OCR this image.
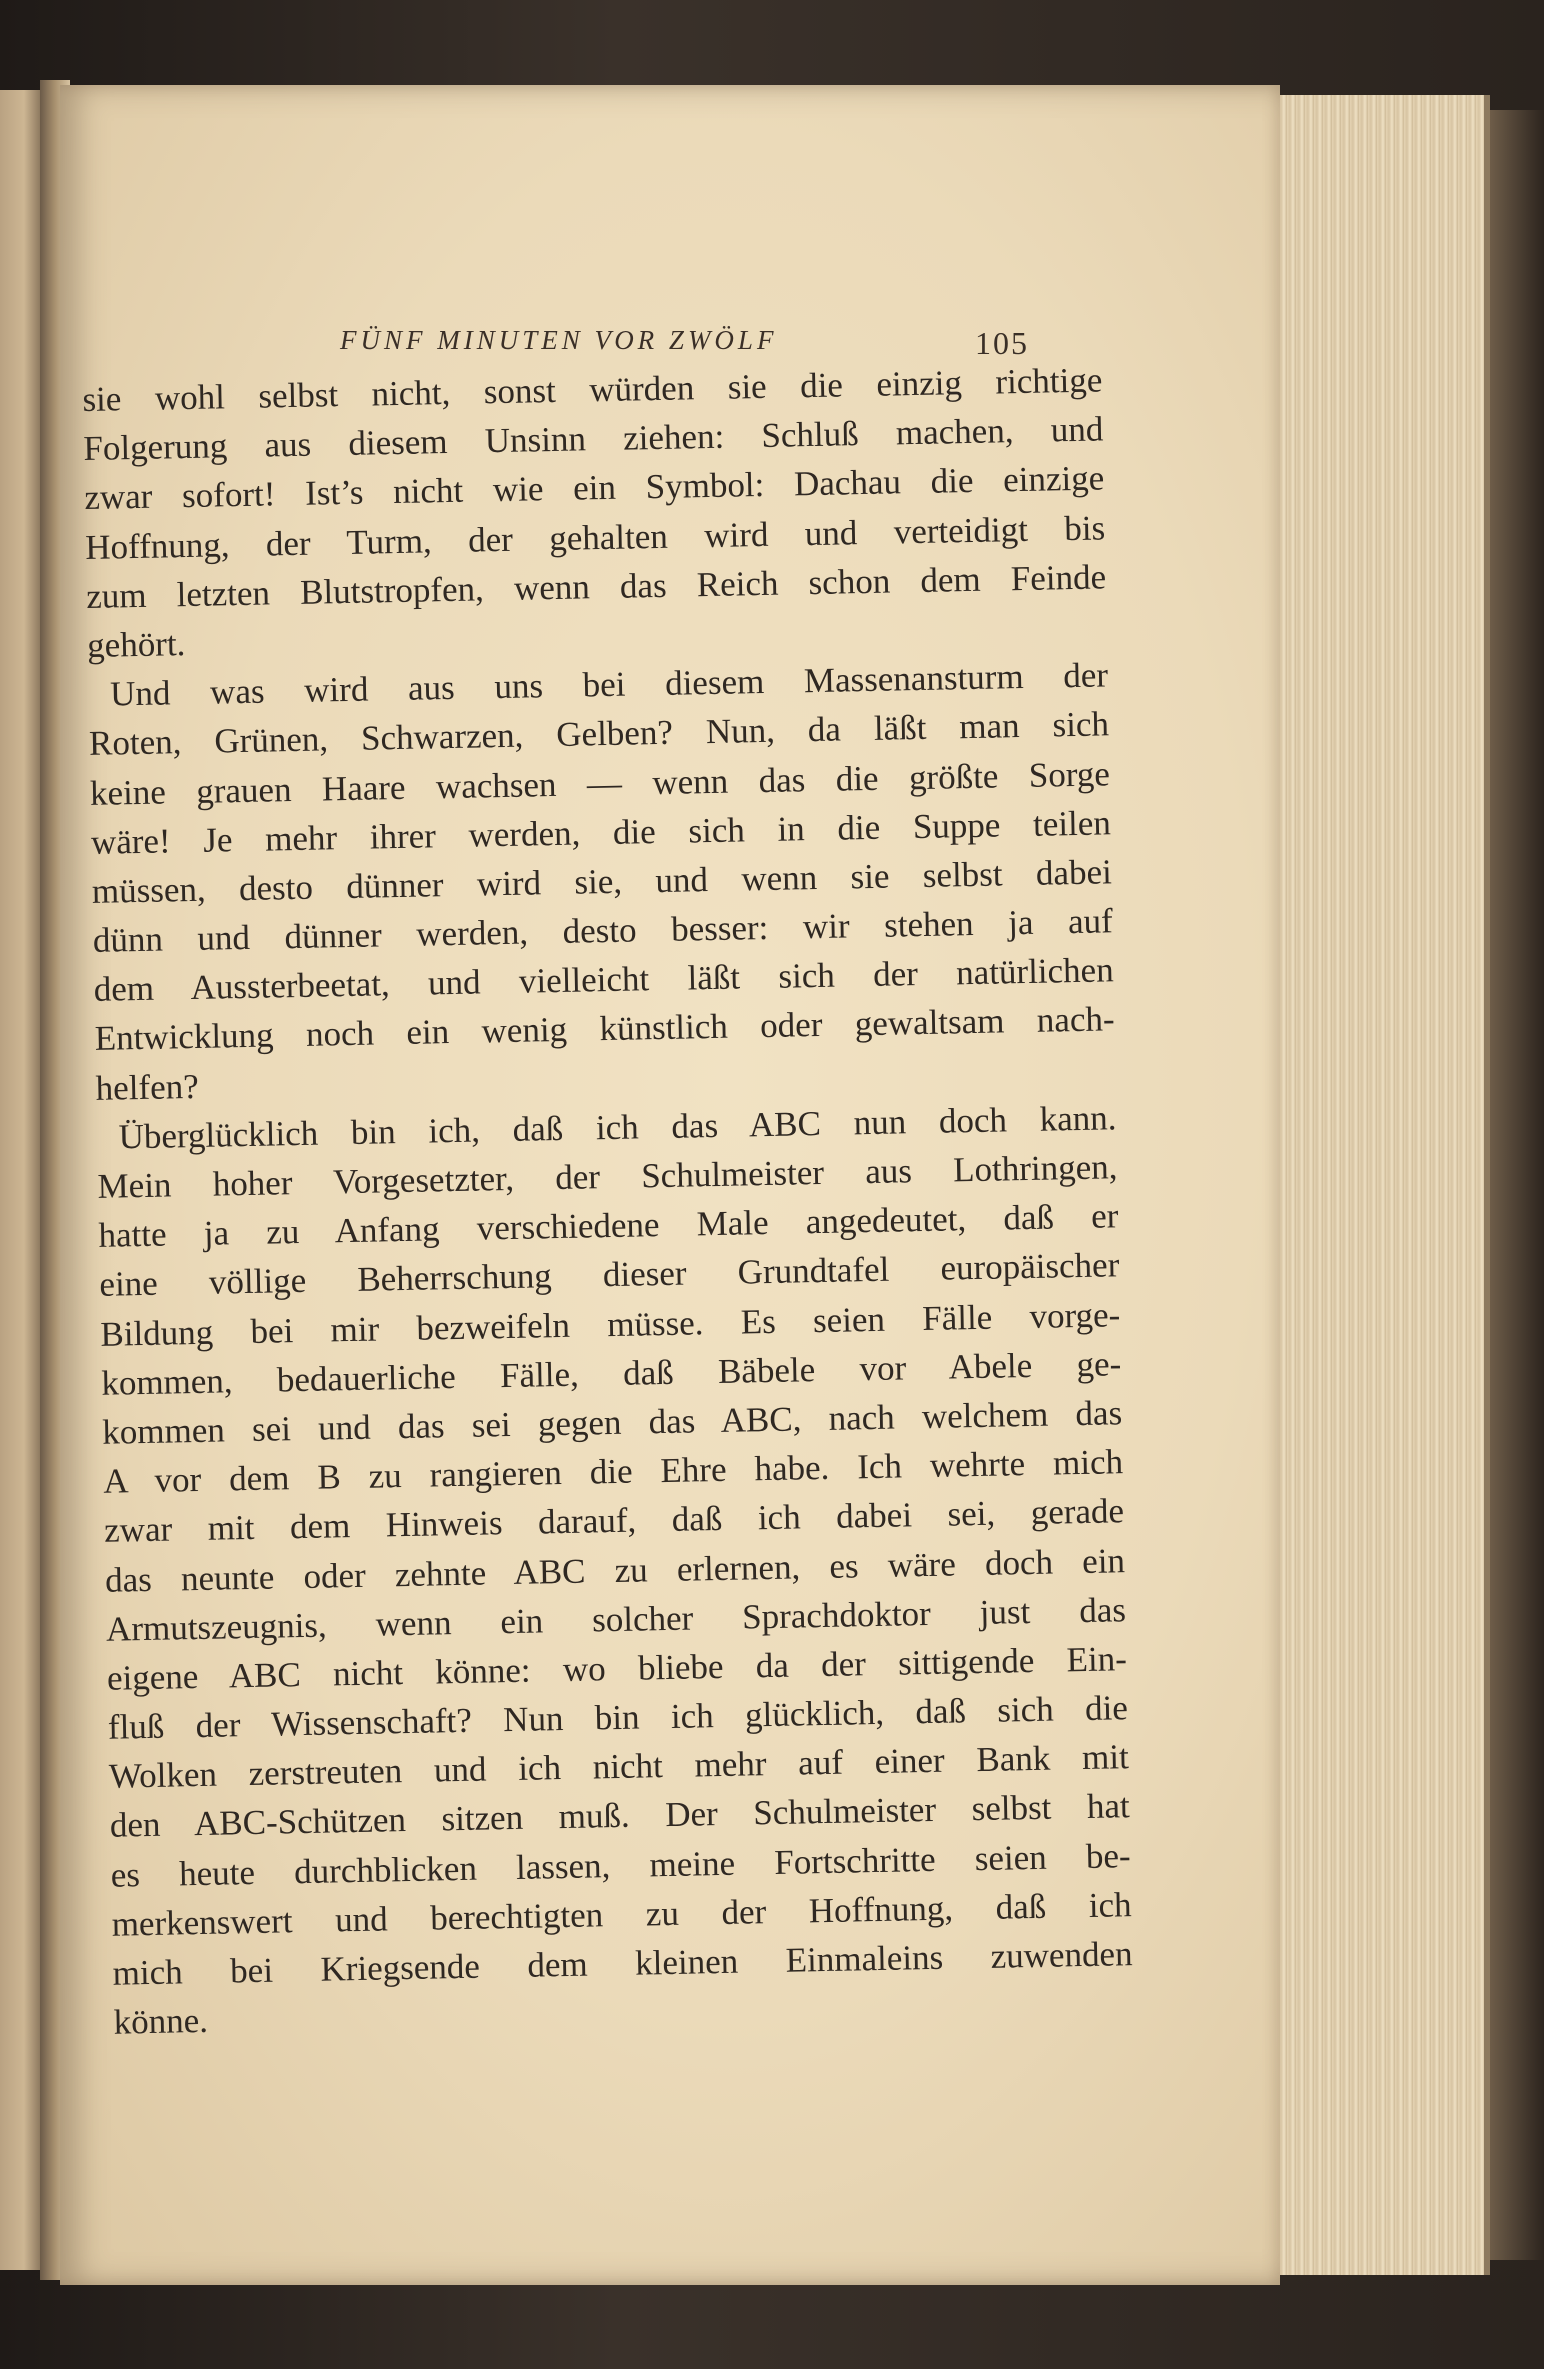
FÜNF MINUTEN VOR ZWÖLF	105
sie wohl selbst nicht, sonst würden sie die einzig richtige
Folgerung aus diesem Unsinn ziehen: Schluß machen, und
zwar sofort! Ist’s nicht wie ein Symbol: Dachau die einzige
Hoffnung, der Turm, der gehalten wird und verteidigt bis
zum letzten Blutstropfen, wenn das Reich schon dem Feinde
gehört.
Und was wird aus uns bei diesem Massenansturm der
Roten, Grünen, Schwarzen, Gelben? Nun, da läßt man sich
keine grauen Haare wachsen — wenn das die größte Sorge
wäre! Je mehr ihrer werden, die sich in die Suppe teilen
müssen, desto dünner wird sie, und wenn sie selbst dabei
dünn und dünner werden, desto besser: wir stehen ja auf
dem Aussterbeetat, und vielleicht läßt sich der natürlichen
Entwicklung noch ein wenig künstlich oder gewaltsam nach-
helfen?
Überglücklich bin ich, daß ich das ABC nun doch kann.
Mein hoher Vorgesetzter, der Schulmeister aus Lothringen,
hatte ja zu Anfang verschiedene Male angedeutet, daß er
eine völlige Beherrschung dieser Grundtafel europäischer
Bildung bei mir bezweifeln müsse. Es seien Fälle vorge-
kommen, bedauerliche Fälle, daß Bäbele vor Abele ge-
kommen sei und das sei gegen das ABC, nach welchem das
A vor dem B zu rangieren die Ehre habe. Ich wehrte mich
zwar mit dem Hinweis darauf, daß ich dabei sei, gerade
das neunte oder zehnte ABC zu erlernen, es wäre doch ein
Armutszeugnis, wenn ein solcher Sprachdoktor just das
eigene ABC nicht könne: wo bliebe da der sittigende Ein-
fluß der Wissenschaft? Nun bin ich glücklich, daß sich die
Wolken zerstreuten und ich nicht mehr auf einer Bank mit
den ABC-Schützen sitzen muß. Der Schulmeister selbst hat
es heute durchblicken lassen, meine Fortschritte seien be-
merkenswert und berechtigten zu der Hoffnung, daß ich
mich bei Kriegsende dem kleinen Einmaleins zuwenden
könne.
